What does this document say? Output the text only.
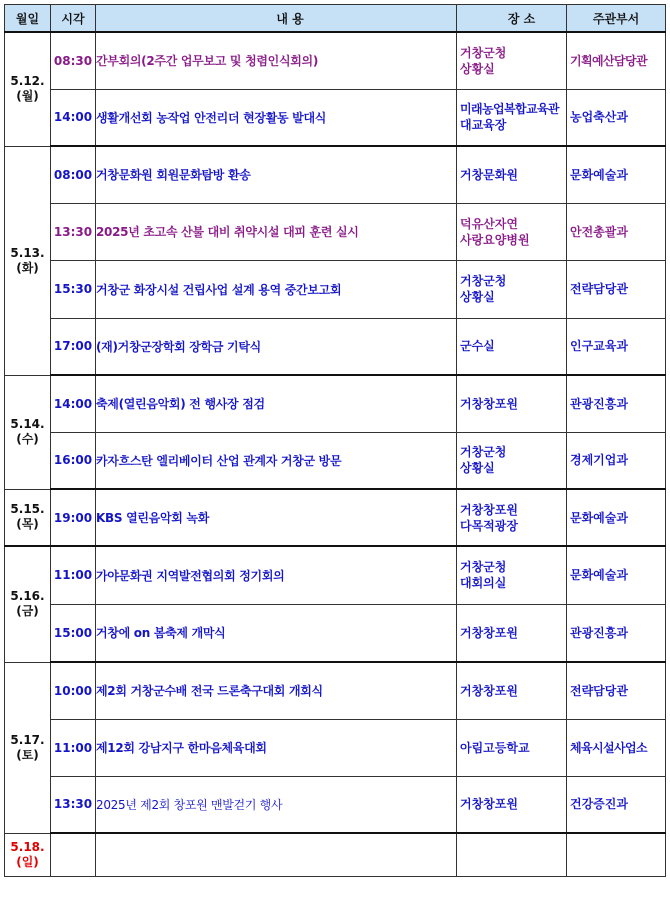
월일	시각	내 용	장 소	주관부서
5.12.
(월)	08:30	간부회의(2주간 업무보고 및 청렴인식회의)	거창군청
상황실	기획예산담당관

	14:00	생활개선회 농작업 안전리더 현장활동 발대식	미래농업복합교육관
대교육장	농업축산과

5.13.
(화)	08:00	거창문화원 회원문화탐방 환송	거창문화원	문화예술과

	13:30	2025년 초고속 산불 대비 취약시설 대피 훈련 실시	덕유산자연
사랑요양병원	안전총괄과

	15:30	거창군 화장시설 건립사업 설계 용역 중간보고회	거창군청
상황실	전략담당관

	17:00	(재)거창군장학회 장학금 기탁식	군수실	인구교육과

5.14.
(수)	14:00	축제(열린음악회) 전 행사장 점검	거창창포원	관광진흥과

	16:00	카자흐스탄 엘리베이터 산업 관계자 거창군 방문	거창군청
상황실	경제기업과

5.15.
(목)	19:00	KBS 열린음악회 녹화	거창창포원
다목적광장	문화예술과

5.16.
(금)	11:00	가야문화권 지역발전협의회 정기회의	거창군청
대회의실	문화예술과

	15:00	거창에 on 봄축제 개막식	거창창포원	관광진흥과

5.17.
(토)	10:00	제2회 거창군수배 전국 드론축구대회 개회식	거창창포원	전략담당관

	11:00	제12회 강남지구 한마음체육대회	아림고등학교	체육시설사업소

	13:30	2025년 제2회 창포원 맨발걷기 행사	거창창포원	건강증진과

5.18.
(일)				
